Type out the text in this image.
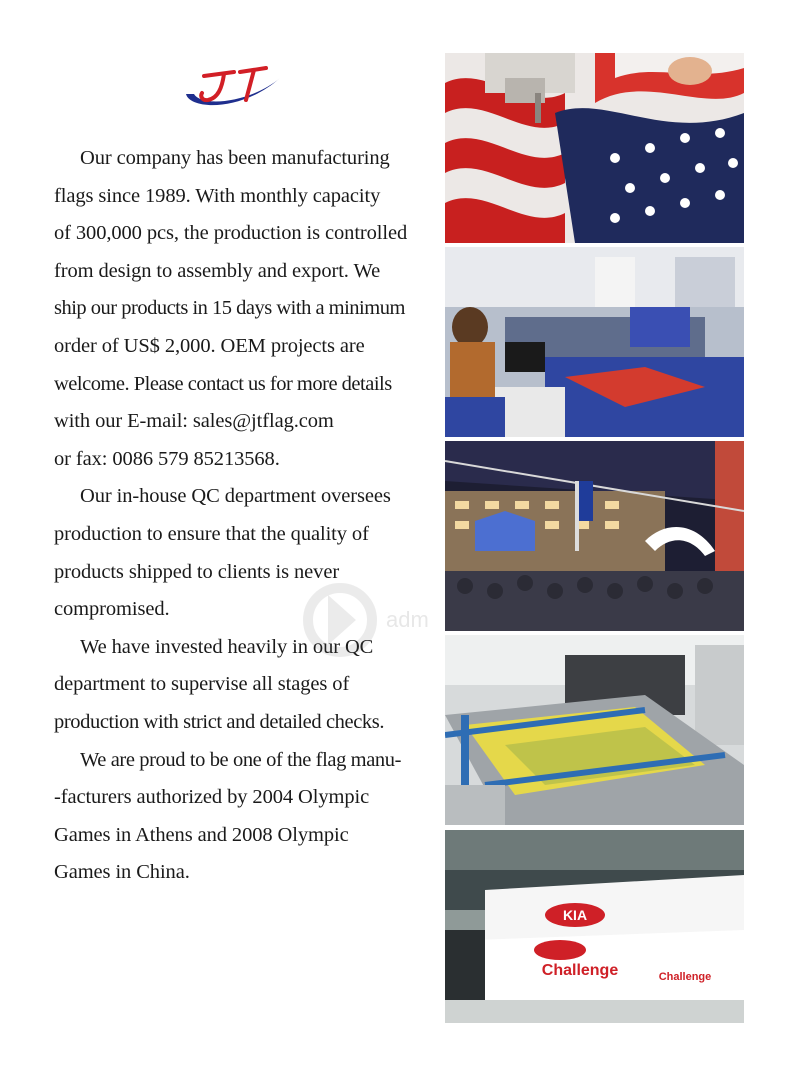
JT
Our company has been manufacturing
flags since 1989. With monthly capacity
of 300,000 pcs, the production is controlled
from design to assembly and export. We
ship our products in 15 days with a minimum
order of US$ 2,000. OEM projects are
welcome. Please contact us for more details
with our E-mail: sales@jtflag.com
or fax: 0086 579 85213568.
Our in-house QC department oversees
production to ensure that the quality of
products shipped to clients is never
compromised.
We have invested heavily in our QC
department to supervise all stages of
production with strict and detailed checks.
We are proud to be one of the flag manu-
-facturers authorized by 2004 Olympic
Games in Athens and 2008 Olympic
Games in China.
adm
KIA
Challenge	Challenge
